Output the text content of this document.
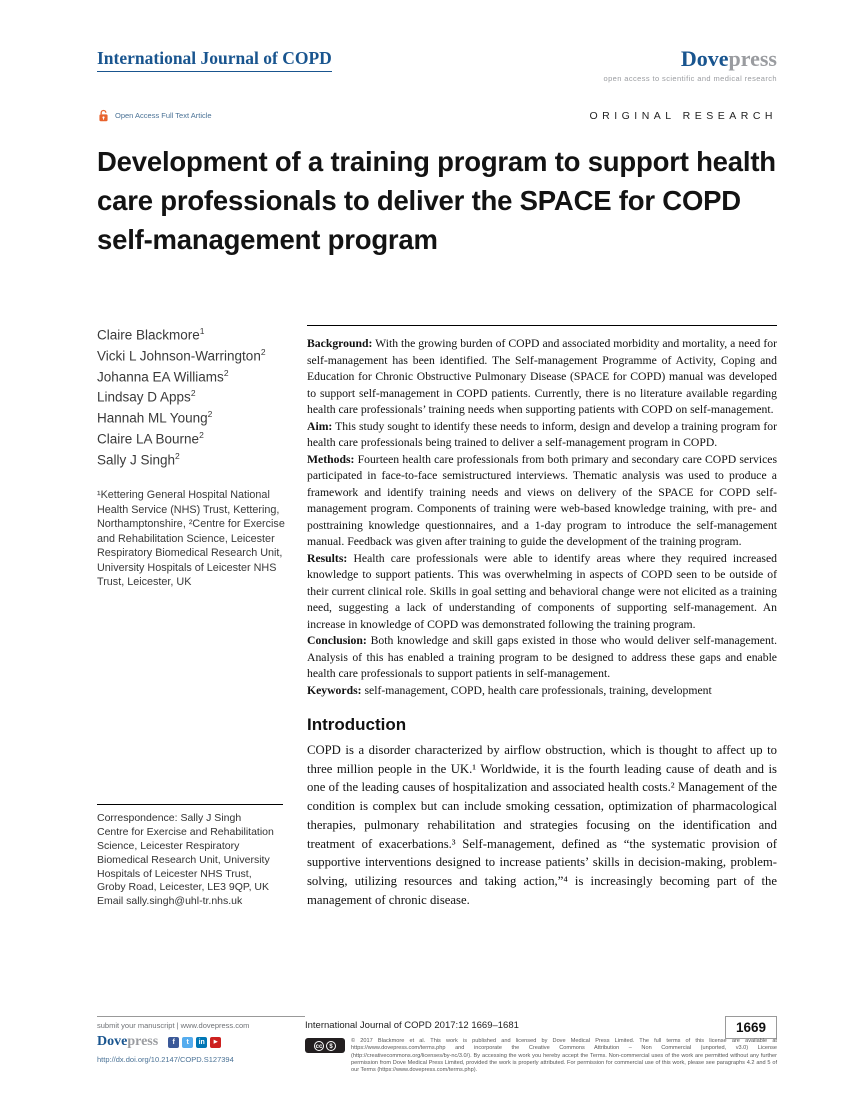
International Journal of COPD	Dovepress
open access to scientific and medical research
Open Access Full Text Article	ORIGINAL RESEARCH
Development of a training program to support health care professionals to deliver the SPACE for COPD self-management program
Claire Blackmore$^1$
Vicki L Johnson-Warrington$^2$
Johanna EA Williams$^2$
Lindsay D Apps$^2$
Hannah ML Young$^2$
Claire LA Bourne$^2$
Sally J Singh$^2$
¹Kettering General Hospital National Health Service (NHS) Trust, Kettering, Northamptonshire, ²Centre for Exercise and Rehabilitation Science, Leicester Respiratory Biomedical Research Unit, University Hospitals of Leicester NHS Trust, Leicester, UK
Correspondence: Sally J Singh
Centre for Exercise and Rehabilitation Science, Leicester Respiratory Biomedical Research Unit, University Hospitals of Leicester NHS Trust, Groby Road, Leicester, LE3 9QP, UK
Email sally.singh@uhl-tr.nhs.uk

Background: With the growing burden of COPD and associated morbidity and mortality, a need for self-management has been identified. The Self-management Programme of Activity, Coping and Education for Chronic Obstructive Pulmonary Disease (SPACE for COPD) manual was developed to support self-management in COPD patients. Currently, there is no literature available regarding health care professionals’ training needs when supporting patients with COPD on self-management.

Aim: This study sought to identify these needs to inform, design and develop a training program for health care professionals being trained to deliver a self-management program in COPD.

Methods: Fourteen health care professionals from both primary and secondary care COPD services participated in face-to-face semistructured interviews. Thematic analysis was used to produce a framework and identify training needs and views on delivery of the SPACE for COPD self-management program. Components of training were web-based knowledge training, with pre- and posttraining knowledge questionnaires, and a 1-day program to introduce the self-management manual. Feedback was given after training to guide the development of the training program.

Results: Health care professionals were able to identify areas where they required increased knowledge to support patients. This was overwhelming in aspects of COPD seen to be outside of their current clinical role. Skills in goal setting and behavioral change were not elicited as a training need, suggesting a lack of understanding of components of supporting self-management. An increase in knowledge of COPD was demonstrated following the training program.

Conclusion: Both knowledge and skill gaps existed in those who would deliver self-management. Analysis of this has enabled a training program to be designed to address these gaps and enable health care professionals to support patients in self-management.

Keywords: self-management, COPD, health care professionals, training, development

Introduction

COPD is a disorder characterized by airflow obstruction, which is thought to affect up to three million people in the UK.¹ Worldwide, it is the fourth leading cause of death and is one of the leading causes of hospitalization and associated health costs.² Management of the condition is complex but can include smoking cessation, optimization of pharmacological therapies, pulmonary rehabilitation and strategies focusing on the identification and treatment of exacerbations.³ Self-management, defined as “the systematic provision of supportive interventions designed to increase patients’ skills in decision-making, problem-solving, utilizing resources and taking action,”⁴ is increasingly becoming part of the management of chronic disease.

submit your manuscript | www.dovepress.com
Dovepress	f	t	in	▶
http://dx.doi.org/10.2147/COPD.S127394
International Journal of COPD 2017:12 1669–1681	1669
cc	$
© 2017 Blackmore et al. This work is published and licensed by Dove Medical Press Limited. The full terms of this license are available at https://www.dovepress.com/terms.php and incorporate the Creative Commons Attribution – Non Commercial (unported, v3.0) License (http://creativecommons.org/licenses/by-nc/3.0/). By accessing the work you hereby accept the Terms. Non-commercial uses of the work are permitted without any further permission from Dove Medical Press Limited, provided the work is properly attributed. For permission for commercial use of this work, please see paragraphs 4.2 and 5 of our Terms (https://www.dovepress.com/terms.php).
